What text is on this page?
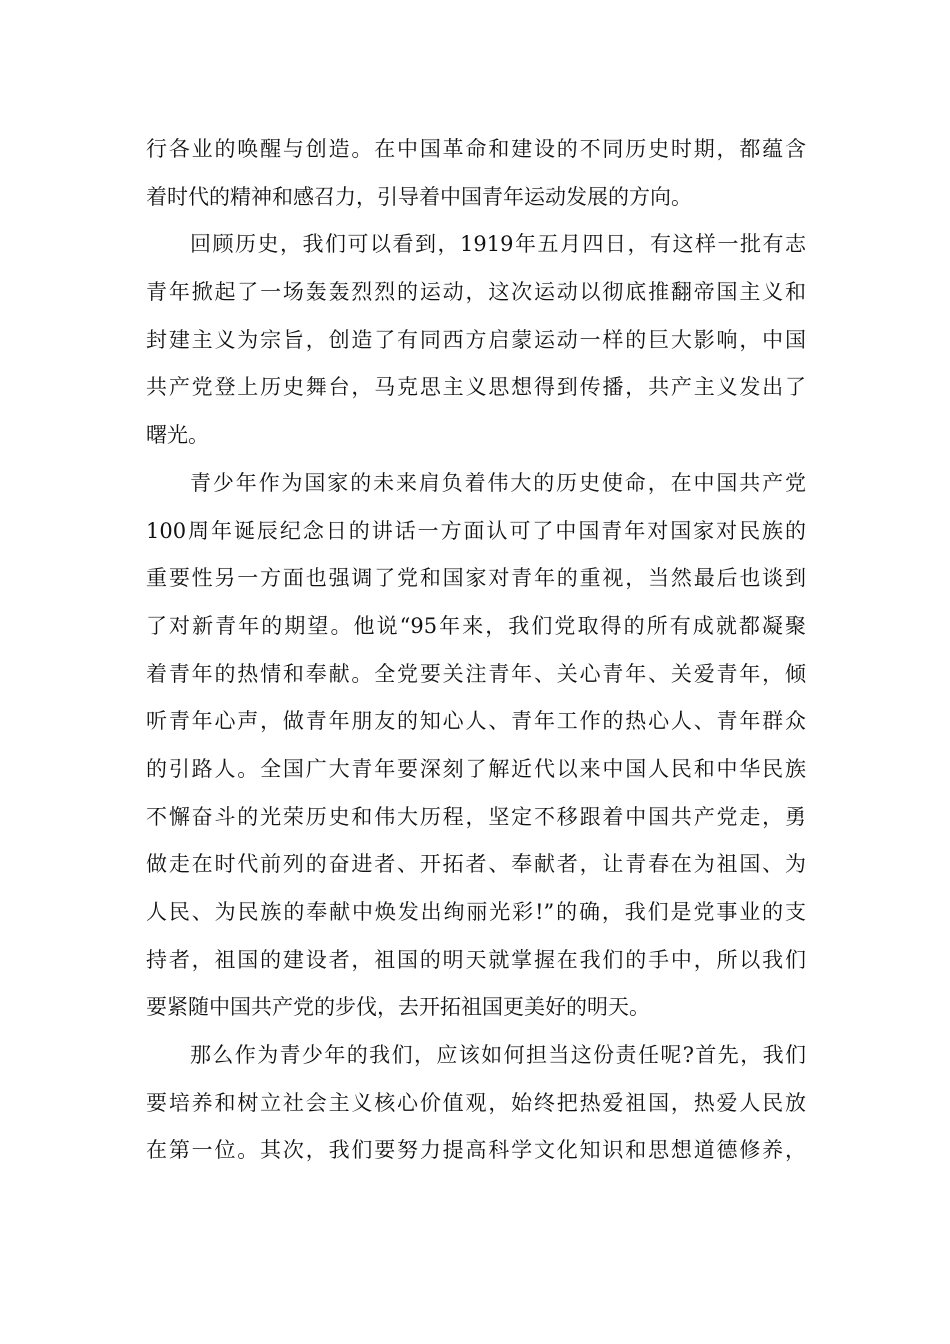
行各业的唤醒与创造。在中国革命和建设的不同历史时期，都蕴含
着时代的精神和感召力，引导着中国青年运动发展的方向。
回顾历史，我们可以看到，1919年五月四日，有这样一批有志
青年掀起了一场轰轰烈烈的运动，这次运动以彻底推翻帝国主义和
封建主义为宗旨，创造了有同西方启蒙运动一样的巨大影响，中国
共产党登上历史舞台，马克思主义思想得到传播，共产主义发出了
曙光。
青少年作为国家的未来肩负着伟大的历史使命，在中国共产党
100周年诞辰纪念日的讲话一方面认可了中国青年对国家对民族的
重要性另一方面也强调了党和国家对青年的重视，当然最后也谈到
了对新青年的期望。他说“95年来，我们党取得的所有成就都凝聚
着青年的热情和奉献。全党要关注青年、关心青年、关爱青年，倾
听青年心声，做青年朋友的知心人、青年工作的热心人、青年群众
的引路人。全国广大青年要深刻了解近代以来中国人民和中华民族
不懈奋斗的光荣历史和伟大历程，坚定不移跟着中国共产党走，勇
做走在时代前列的奋进者、开拓者、奉献者，让青春在为祖国、为
人民、为民族的奉献中焕发出绚丽光彩!”的确，我们是党事业的支
持者，祖国的建设者，祖国的明天就掌握在我们的手中，所以我们
要紧随中国共产党的步伐，去开拓祖国更美好的明天。
那么作为青少年的我们，应该如何担当这份责任呢?首先，我们
要培养和树立社会主义核心价值观，始终把热爱祖国，热爱人民放
在第一位。其次，我们要努力提高科学文化知识和思想道德修养，
